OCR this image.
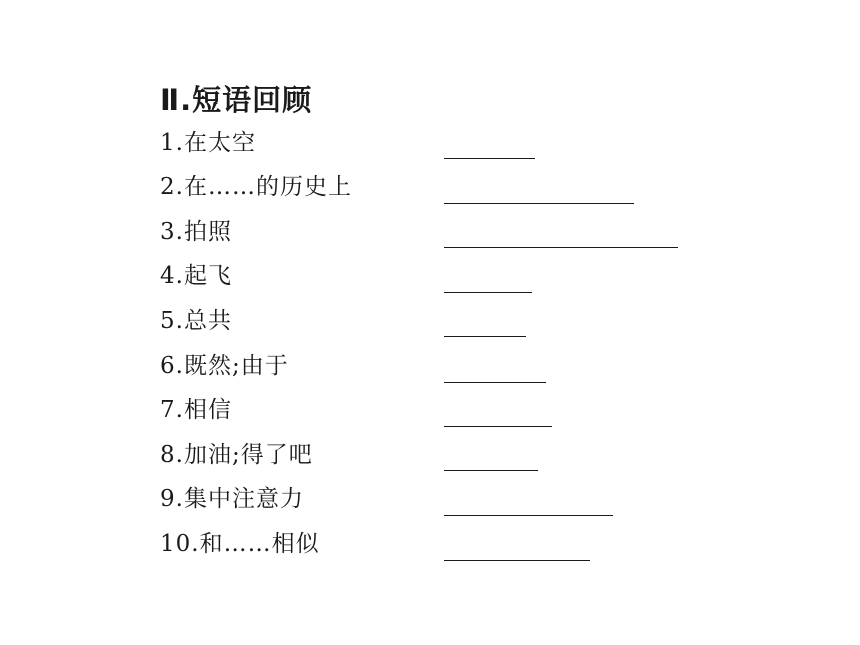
Ⅱ.短语回顾
1.在太空
2.在……的历史上
3.拍照
4.起飞
5.总共
6.既然;由于
7.相信
8.加油;得了吧
9.集中注意力
10.和……相似
